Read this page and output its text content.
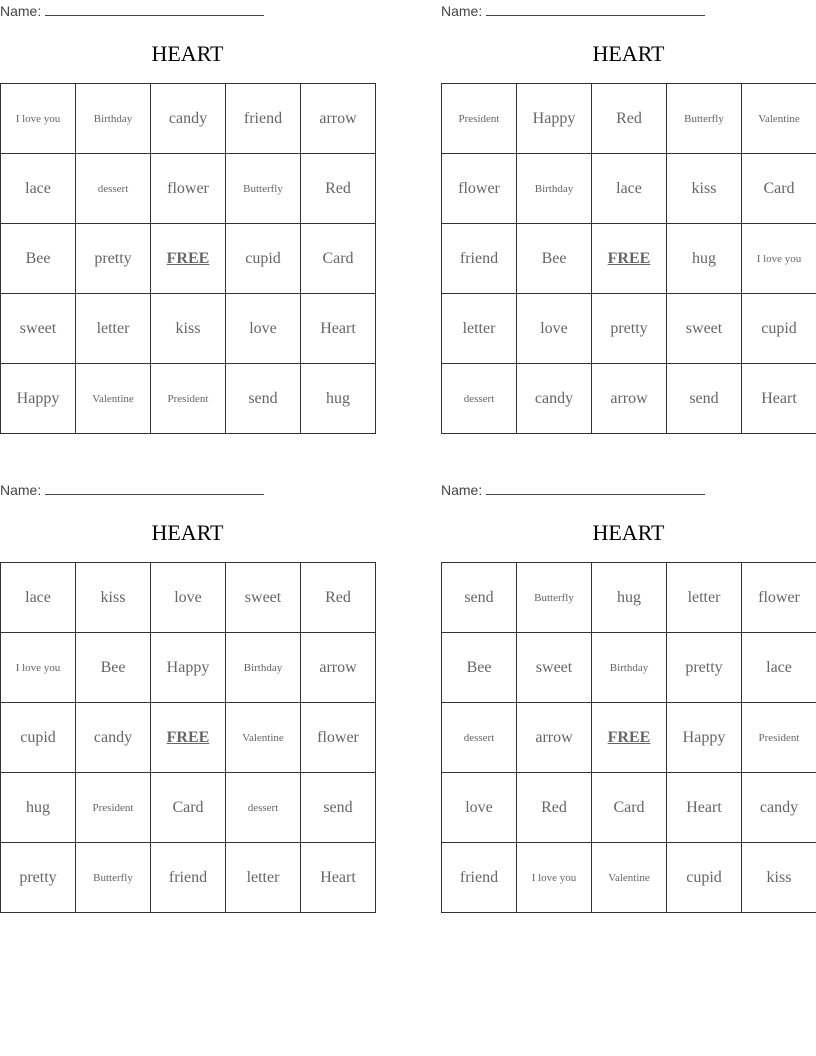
Name:
HEART
I love you	Birthday	candy	friend	arrow
lace	dessert	flower	Butterfly	Red
Bee	pretty	FREE	cupid	Card
sweet	letter	kiss	love	Heart
Happy	Valentine	President	send	hug
Name:
HEART
President	Happy	Red	Butterfly	Valentine
flower	Birthday	lace	kiss	Card
friend	Bee	FREE	hug	I love you
letter	love	pretty	sweet	cupid
dessert	candy	arrow	send	Heart
Name:
HEART
lace	kiss	love	sweet	Red
I love you	Bee	Happy	Birthday	arrow
cupid	candy	FREE	Valentine	flower
hug	President	Card	dessert	send
pretty	Butterfly	friend	letter	Heart
Name:
HEART
send	Butterfly	hug	letter	flower
Bee	sweet	Birthday	pretty	lace
dessert	arrow	FREE	Happy	President
love	Red	Card	Heart	candy
friend	I love you	Valentine	cupid	kiss
